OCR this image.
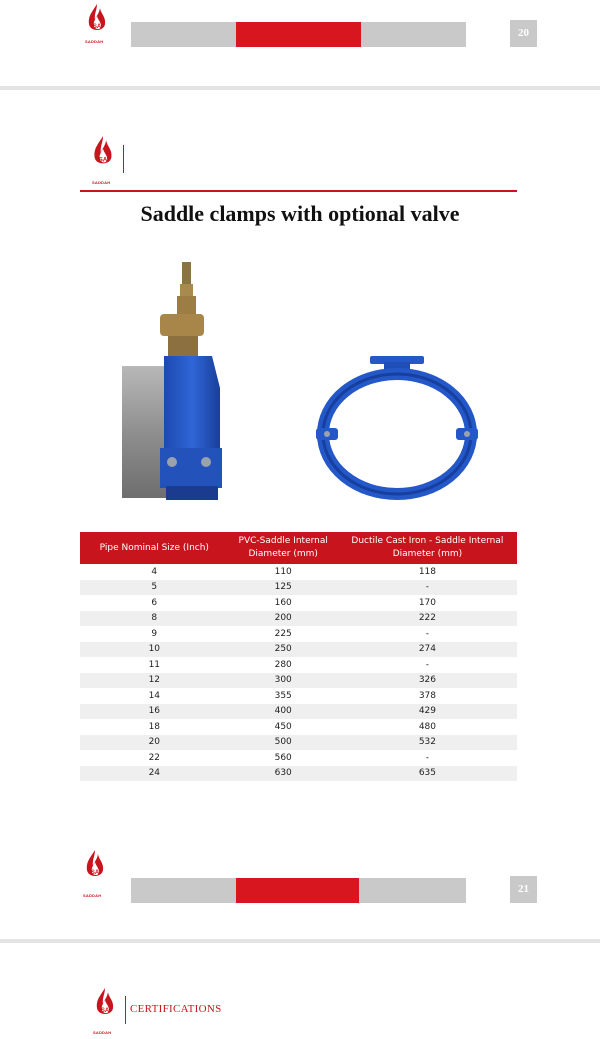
SA
SADDAH
20
SA
SADDAH
Saddle clamps with optional valve
Pipe Nominal Size (Inch)	PVC-Saddle Internal Diameter (mm)	Ductile Cast Iron - Saddle Internal Diameter (mm)
4	110	118
5	125	-
6	160	170
8	200	222
9	225	-
10	250	274
11	280	-
12	300	326
14	355	378
16	400	429
18	450	480
20	500	532
22	560	-
24	630	635
SA
SADDAH
21
SA
SADDAH
CERTIFICATIONS
